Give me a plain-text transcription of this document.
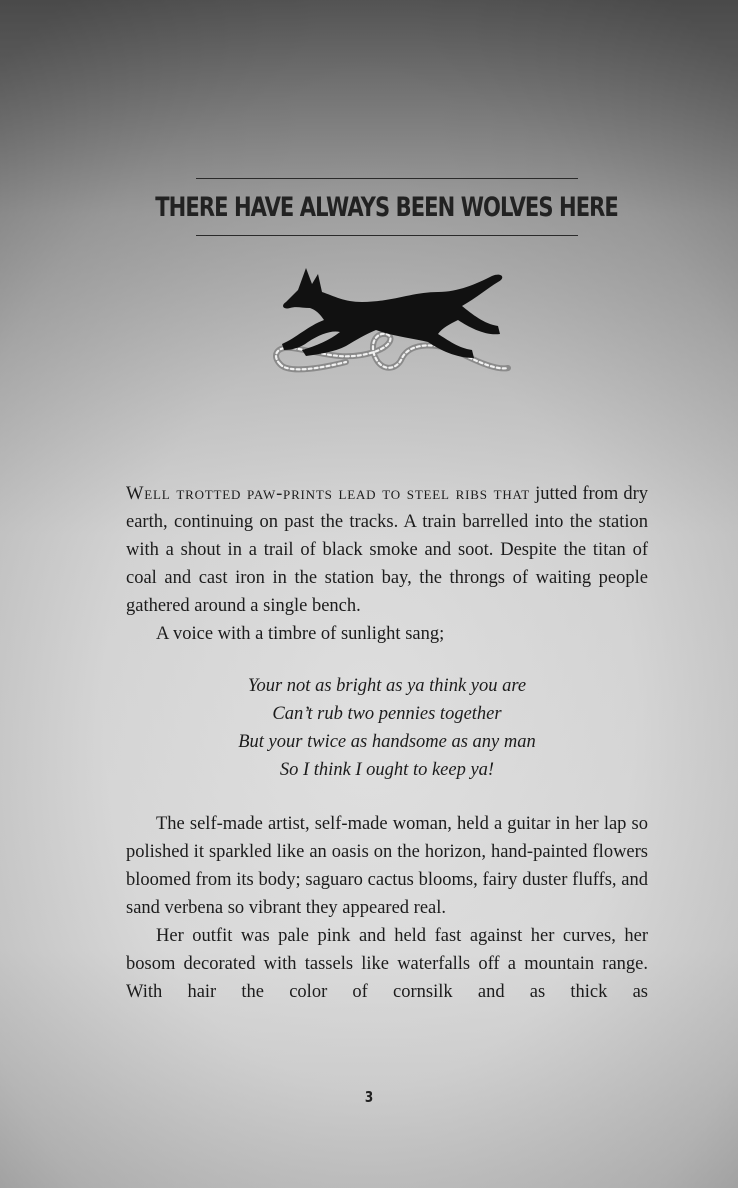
THERE HAVE ALWAYS BEEN WOLVES HERE

Well trotted paw-prints lead to steel ribs that jutted from dry earth, continuing on past the tracks. A train barrelled into the station with a shout in a trail of black smoke and soot. Despite the titan of coal and cast iron in the station bay, the throngs of waiting people gathered around a single bench.

A voice with a timbre of sunlight sang;

Your not as bright as ya think you are
Can’t rub two pennies together
But your twice as handsome as any man
So I think I ought to keep ya!

The self-made artist, self-made woman, held a guitar in her lap so polished it sparkled like an oasis on the horizon, hand-painted flowers bloomed from its body; saguaro cactus blooms, fairy duster fluffs, and sand verbena so vibrant they appeared real.

Her outfit was pale pink and held fast against her curves, her bosom decorated with tassels like waterfalls off a mountain range. With hair the color of cornsilk and as thick as

3
